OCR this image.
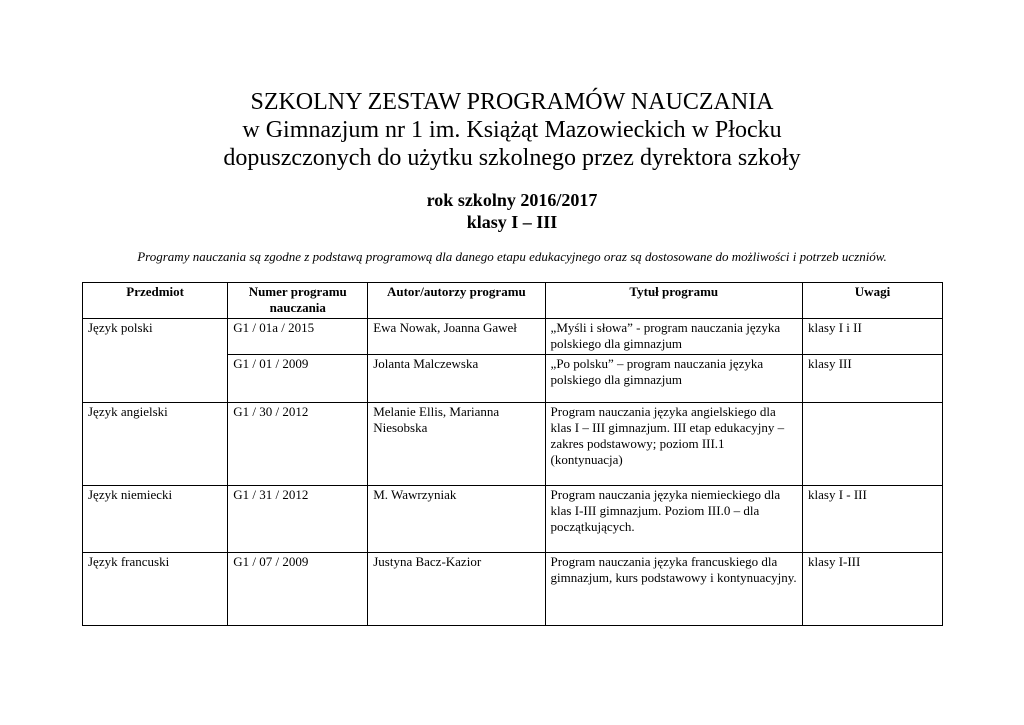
SZKOLNY ZESTAW PROGRAMÓW NAUCZANIA
w Gimnazjum nr 1 im. Książąt Mazowieckich w Płocku
dopuszczonych do użytku szkolnego przez dyrektora szkoły
rok szkolny 2016/2017
klasy I – III
Programy nauczania są zgodne z podstawą programową dla danego etapu edukacyjnego oraz są dostosowane do możliwości i potrzeb uczniów.
Przedmiot	Numer programu nauczania	Autor/autorzy programu	Tytuł programu	Uwagi
Język polski	G1 / 01a / 2015	Ewa Nowak, Joanna Gaweł	„Myśli i słowa” - program nauczania języka polskiego dla gimnazjum	klasy I i II
	G1 / 01 / 2009	Jolanta Malczewska	„Po polsku” – program nauczania języka polskiego dla gimnazjum	klasy III
Język angielski	G1 / 30 / 2012	Melanie Ellis, Marianna Niesobska	Program nauczania języka angielskiego dla klas I – III gimnazjum. III etap edukacyjny – zakres podstawowy; poziom III.1 (kontynuacja)	
Język niemiecki	G1 / 31 / 2012	M. Wawrzyniak	Program nauczania języka niemieckiego dla klas I-III gimnazjum. Poziom III.0 – dla początkujących.	klasy I - III
Język francuski	G1 / 07 / 2009	Justyna Bacz-Kazior	Program nauczania języka francuskiego dla gimnazjum, kurs podstawowy i kontynuacyjny.	klasy I-III
